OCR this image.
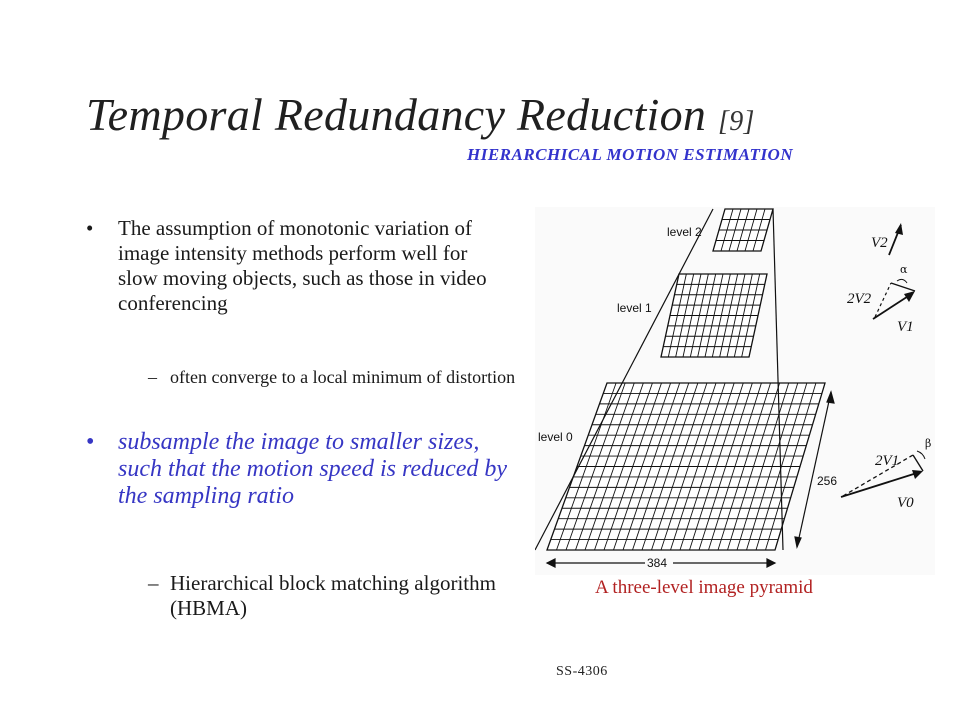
Temporal Redundancy Reduction [9]
HIERARCHICAL MOTION ESTIMATION
• The assumption of monotonic variation of image intensity methods perform well for slow moving objects, such as those in video conferencing
– often converge to a local minimum of distortion
• subsample the image to smaller sizes, such that the motion speed is reduced by the sampling ratio
– Hierarchical block matching algorithm (HBMA)
384
256
level 2
level 1
level 0
V2
2V2
V1
α
2V1
V0
β
A three-level image pyramid
SS-4306
